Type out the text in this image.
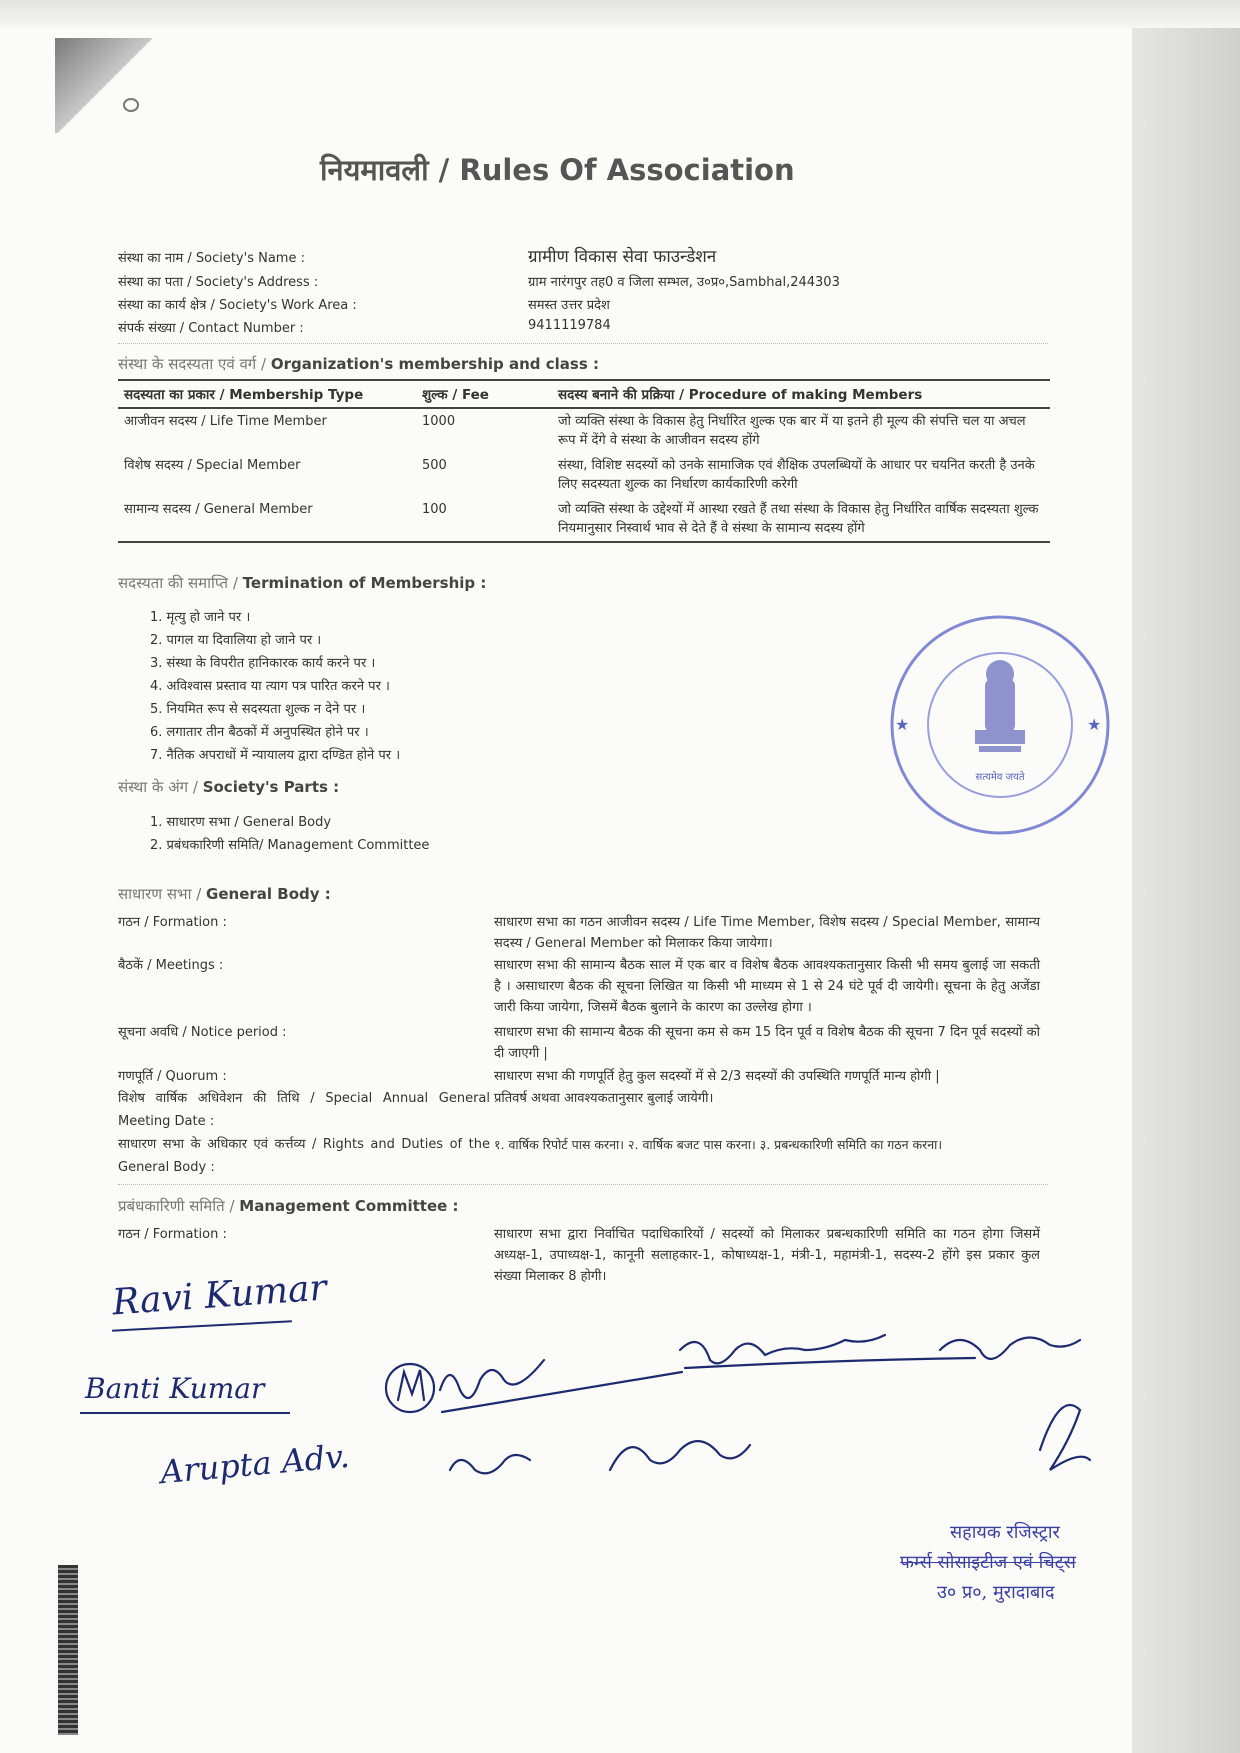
नियमावली / Rules Of Association
संस्था का नाम / Society's Name :	ग्रामीण विकास सेवा फाउन्डेशन
संस्था का पता / Society's Address :	ग्राम नारंगपुर तह0 व जिला सम्भल, उ०प्र०,Sambhal,244303
संस्था का कार्य क्षेत्र / Society's Work Area :	समस्त उत्तर प्रदेश
संपर्क संख्या / Contact Number :	9411119784
संस्था के सदस्यता एवं वर्ग / Organization's membership and class :
सदस्यता का प्रकार / Membership Type	शुल्क / Fee	सदस्य बनाने की प्रक्रिया / Procedure of making Members
आजीवन सदस्य / Life Time Member	1000	जो व्यक्ति संस्था के विकास हेतु निर्धारित शुल्क एक बार में या इतने ही मूल्य की संपत्ति चल या अचल रूप में देंगे वे संस्था के आजीवन सदस्य होंगे
विशेष सदस्य / Special Member	500	संस्था, विशिष्ट सदस्यों को उनके सामाजिक एवं शैक्षिक उपलब्धियों के आधार पर चयनित करती है उनके लिए सदस्यता शुल्क का निर्धारण कार्यकारिणी करेगी
सामान्य सदस्य / General Member	100	जो व्यक्ति संस्था के उद्देश्यों में आस्था रखते हैं तथा संस्था के विकास हेतु निर्धारित वार्षिक सदस्यता शुल्क नियमानुसार निस्वार्थ भाव से देते हैं वे संस्था के सामान्य सदस्य होंगे
सदस्यता की समाप्ति / Termination of Membership :
1. मृत्यु हो जाने पर ।
2. पागल या दिवालिया हो जाने पर ।
3. संस्था के विपरीत हानिकारक कार्य करने पर ।
4. अविश्वास प्रस्ताव या त्याग पत्र पारित करने पर ।
5. नियमित रूप से सदस्यता शुल्क न देने पर ।
6. लगातार तीन बैठकों में अनुपस्थित होने पर ।
7. नैतिक अपराधों में न्यायालय द्वारा दण्डित होने पर ।
संस्था के अंग / Society's Parts :
1. साधारण सभा / General Body
2. प्रबंधकारिणी समिति/ Management Committee
सत्यमेव जयते
★	★
साधारण सभा / General Body :
गठन / Formation :	साधारण सभा का गठन आजीवन सदस्य / Life Time Member, विशेष सदस्य / Special Member, सामान्य सदस्य / General Member को मिलाकर किया जायेगा।
बैठकें / Meetings :	साधारण सभा की सामान्य बैठक साल में एक बार व विशेष बैठक आवश्यकतानुसार किसी भी समय बुलाई जा सकती है । असाधारण बैठक की सूचना लिखित या किसी भी माध्यम से 1 से 24 घंटे पूर्व दी जायेगी। सूचना के हेतु अजेंडा जारी किया जायेगा, जिसमें बैठक बुलाने के कारण का उल्लेख होगा ।
सूचना अवधि / Notice period :	साधारण सभा की सामान्य बैठक की सूचना कम से कम 15 दिन पूर्व व विशेष बैठक की सूचना 7 दिन पूर्व सदस्यों को दी जाएगी |
गणपूर्ति / Quorum :	साधारण सभा की गणपूर्ति हेतु कुल सदस्यों में से 2/3 सदस्यों की उपस्थिति गणपूर्ति मान्य होगी |
विशेष वार्षिक अधिवेशन की तिथि / Special Annual General Meeting Date :प्रतिवर्ष अथवा आवश्यकतानुसार बुलाई जायेगी।
साधारण सभा के अधिकार एवं कर्त्तव्य / Rights and Duties of the General Body :१. वार्षिक रिपोर्ट पास करना। २. वार्षिक बजट पास करना। ३. प्रबन्धकारिणी समिति का गठन करना।
प्रबंधकारिणी समिति / Management Committee :
गठन / Formation :	साधारण सभा द्वारा निर्वाचित पदाधिकारियों / सदस्यों को मिलाकर प्रबन्धकारिणी समिति का गठन होगा जिसमें अध्यक्ष-1, उपाध्यक्ष-1, कानूनी सलाहकार-1, कोषाध्यक्ष-1, मंत्री-1, महामंत्री-1, सदस्य-2 होंगे इस प्रकार कुल संख्या मिलाकर 8 होगी।
Ravi Kumar
Banti Kumar
Arupta Adv.
सहायक रजिस्ट्रार
फर्म्स सोसाइटीज एवं चिट्स
उ० प्र०, मुरादाबाद
